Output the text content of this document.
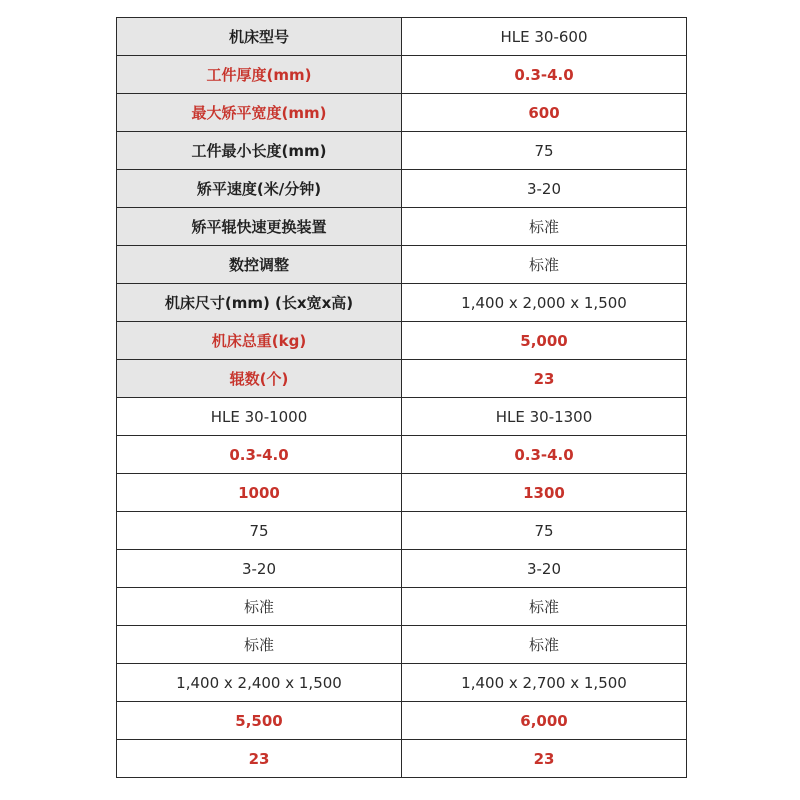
机床型号	HLE 30-600
工件厚度(mm)	0.3-4.0
最大矫平宽度(mm)	600
工件最小长度(mm)	75
矫平速度(米/分钟)	3-20
矫平辊快速更换装置	标准
数控调整	标准
机床尺寸(mm) (长x宽x高)	1,400 x 2,000 x 1,500
机床总重(kg)	5,000
辊数(个)	23
HLE 30-1000	HLE 30-1300
0.3-4.0	0.3-4.0
1000	1300
75	75
3-20	3-20
标准	标准
标准	标准
1,400 x 2,400 x 1,500	1,400 x 2,700 x 1,500
5,500	6,000
23	23
